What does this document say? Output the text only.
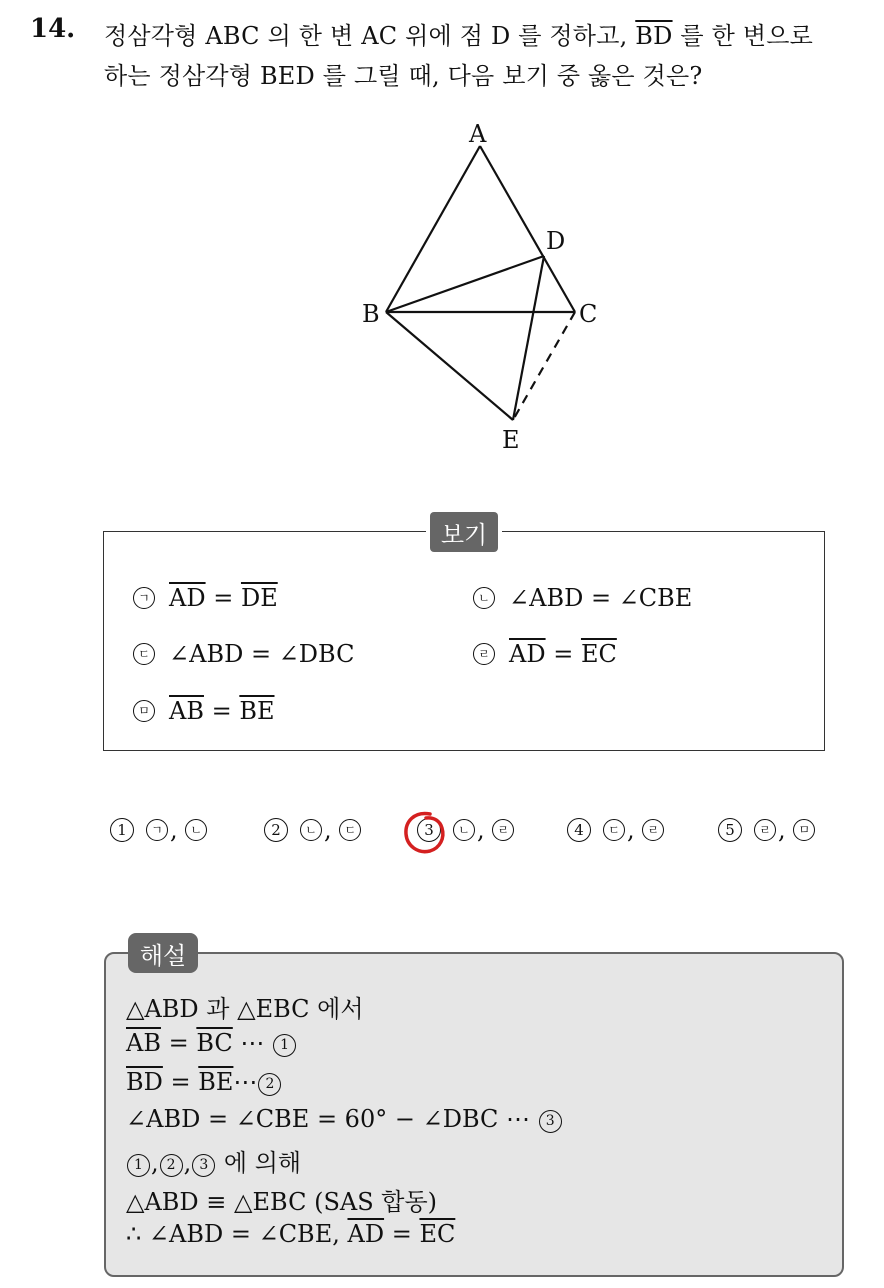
14. 정삼각형 ABC 의 한 변 AC 위에 점 D 를 정하고, $\overline{BD}$ 를 한 변으로
하는 정삼각형 BED 를 그릴 때, 다음 보기 중 옳은 것은?
A
D
B	C
E
보기
ㄱ $\overline{AD} = \overline{DE}$	ㄴ ∠ABD = ∠CBE
ㄷ ∠ABD = ∠DBC	ㄹ $\overline{AD} = \overline{EC}$
ㅁ $\overline{AB} = \overline{BE}$
1	ㄱ , ㄴ	2	ㄴ , ㄷ	3	ㄴ , ㄹ	4	ㄷ , ㄹ	5	ㄹ , ㅁ
해설
△ABD 과 △EBC 에서
$\overline{AB} = \overline{BC}$ ⋯ 1
$\overline{BD}$ = $\overline{BE}\cdots$ 2
∠ABD = ∠CBE = 60° − ∠DBC ⋯ 3
1 , 2 , 3 에 의해
△ABD ≡ △EBC (SAS 합동)
∴ ∠ABD = ∠CBE, $\overline{AD} = \overline{EC}$
